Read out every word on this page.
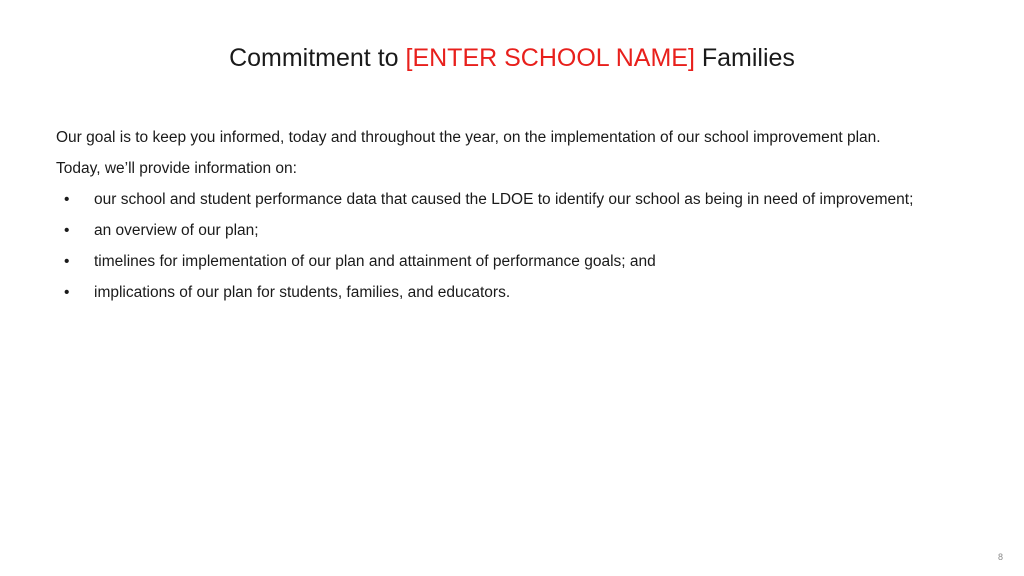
Commitment to [ENTER SCHOOL NAME] Families

Our goal is to keep you informed, today and throughout the year, on the implementation of our school improvement plan.

Today, we’ll provide information on:

• our school and student performance data that caused the LDOE to identify our school as being in need of improvement;
• an overview of our plan;
• timelines for implementation of our plan and attainment of performance goals; and
• implications of our plan for students, families, and educators.
8
